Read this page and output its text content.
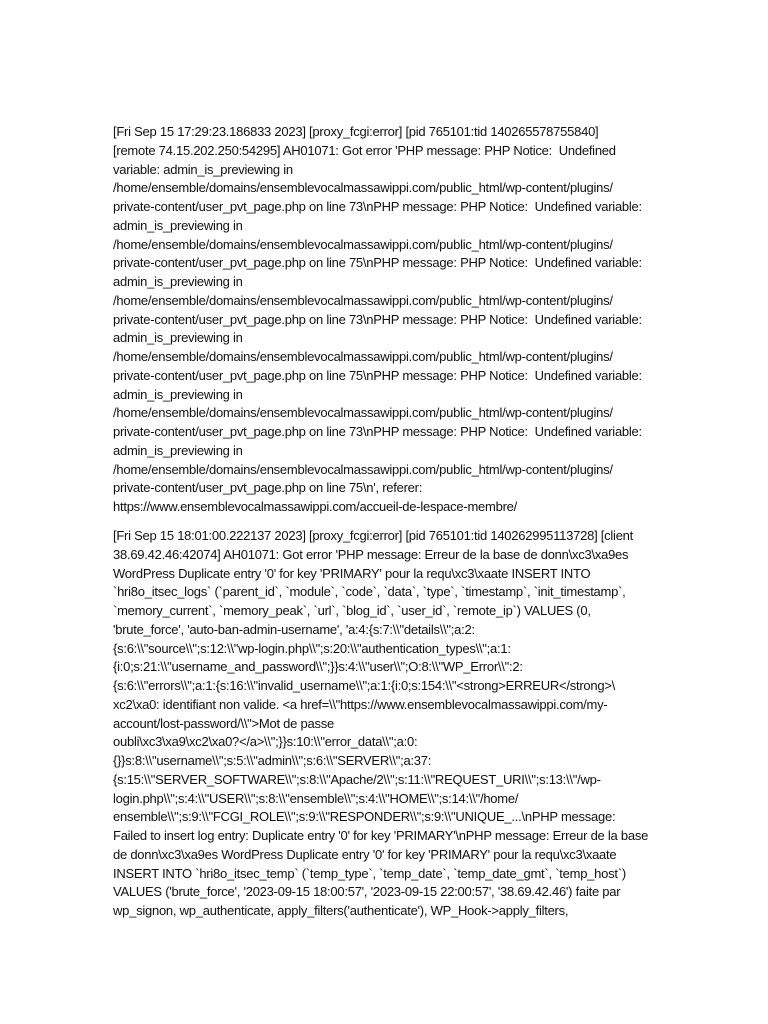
[Fri Sep 15 17:29:23.186833 2023] [proxy_fcgi:error] [pid 765101:tid 140265578755840]
[remote 74.15.202.250:54295] AH01071: Got error 'PHP message: PHP Notice:  Undefined
variable: admin_is_previewing in
/home/ensemble/domains/ensemblevocalmassawippi.com/public_html/wp-content/plugins/
private-content/user_pvt_page.php on line 73\nPHP message: PHP Notice:  Undefined variable:
admin_is_previewing in
/home/ensemble/domains/ensemblevocalmassawippi.com/public_html/wp-content/plugins/
private-content/user_pvt_page.php on line 75\nPHP message: PHP Notice:  Undefined variable:
admin_is_previewing in
/home/ensemble/domains/ensemblevocalmassawippi.com/public_html/wp-content/plugins/
private-content/user_pvt_page.php on line 73\nPHP message: PHP Notice:  Undefined variable:
admin_is_previewing in
/home/ensemble/domains/ensemblevocalmassawippi.com/public_html/wp-content/plugins/
private-content/user_pvt_page.php on line 75\nPHP message: PHP Notice:  Undefined variable:
admin_is_previewing in
/home/ensemble/domains/ensemblevocalmassawippi.com/public_html/wp-content/plugins/
private-content/user_pvt_page.php on line 73\nPHP message: PHP Notice:  Undefined variable:
admin_is_previewing in
/home/ensemble/domains/ensemblevocalmassawippi.com/public_html/wp-content/plugins/
private-content/user_pvt_page.php on line 75\n', referer:
https://www.ensemblevocalmassawippi.com/accueil-de-lespace-membre/
[Fri Sep 15 18:01:00.222137 2023] [proxy_fcgi:error] [pid 765101:tid 140262995113728] [client
38.69.42.46:42074] AH01071: Got error 'PHP message: Erreur de la base de donn\xc3\xa9es
WordPress Duplicate entry '0' for key 'PRIMARY' pour la requ\xc3\xaate INSERT INTO
`hri8o_itsec_logs` (`parent_id`, `module`, `code`, `data`, `type`, `timestamp`, `init_timestamp`,
`memory_current`, `memory_peak`, `url`, `blog_id`, `user_id`, `remote_ip`) VALUES (0,
'brute_force', 'auto-ban-admin-username', 'a:4:{s:7:\\"details\\";a:2:
{s:6:\\"source\\";s:12:\\"wp-login.php\\";s:20:\\"authentication_types\\";a:1:
{i:0;s:21:\\"username_and_password\\";}}s:4:\\"user\\";O:8:\\"WP_Error\\":2:
{s:6:\\"errors\\";a:1:{s:16:\\"invalid_username\\";a:1:{i:0;s:154:\\"<strong>ERREUR</strong>\
xc2\xa0: identifiant non valide. <a href=\\"https://www.ensemblevocalmassawippi.com/my-
account/lost-password/\\">Mot de passe
oubli\xc3\xa9\xc2\xa0?</a>\\";}}s:10:\\"error_data\\";a:0:
{}}s:8:\\"username\\";s:5:\\"admin\\";s:6:\\"SERVER\\";a:37:
{s:15:\\"SERVER_SOFTWARE\\";s:8:\\"Apache/2\\";s:11:\\"REQUEST_URI\\";s:13:\\"/wp-
login.php\\";s:4:\\"USER\\";s:8:\\"ensemble\\";s:4:\\"HOME\\";s:14:\\"/home/
ensemble\\";s:9:\\"FCGI_ROLE\\";s:9:\\"RESPONDER\\";s:9:\\"UNIQUE_...\nPHP message:
Failed to insert log entry: Duplicate entry '0' for key 'PRIMARY'\nPHP message: Erreur de la base
de donn\xc3\xa9es WordPress Duplicate entry '0' for key 'PRIMARY' pour la requ\xc3\xaate
INSERT INTO `hri8o_itsec_temp` (`temp_type`, `temp_date`, `temp_date_gmt`, `temp_host`)
VALUES ('brute_force', '2023-09-15 18:00:57', '2023-09-15 22:00:57', '38.69.42.46') faite par
wp_signon, wp_authenticate, apply_filters('authenticate'), WP_Hook->apply_filters,
